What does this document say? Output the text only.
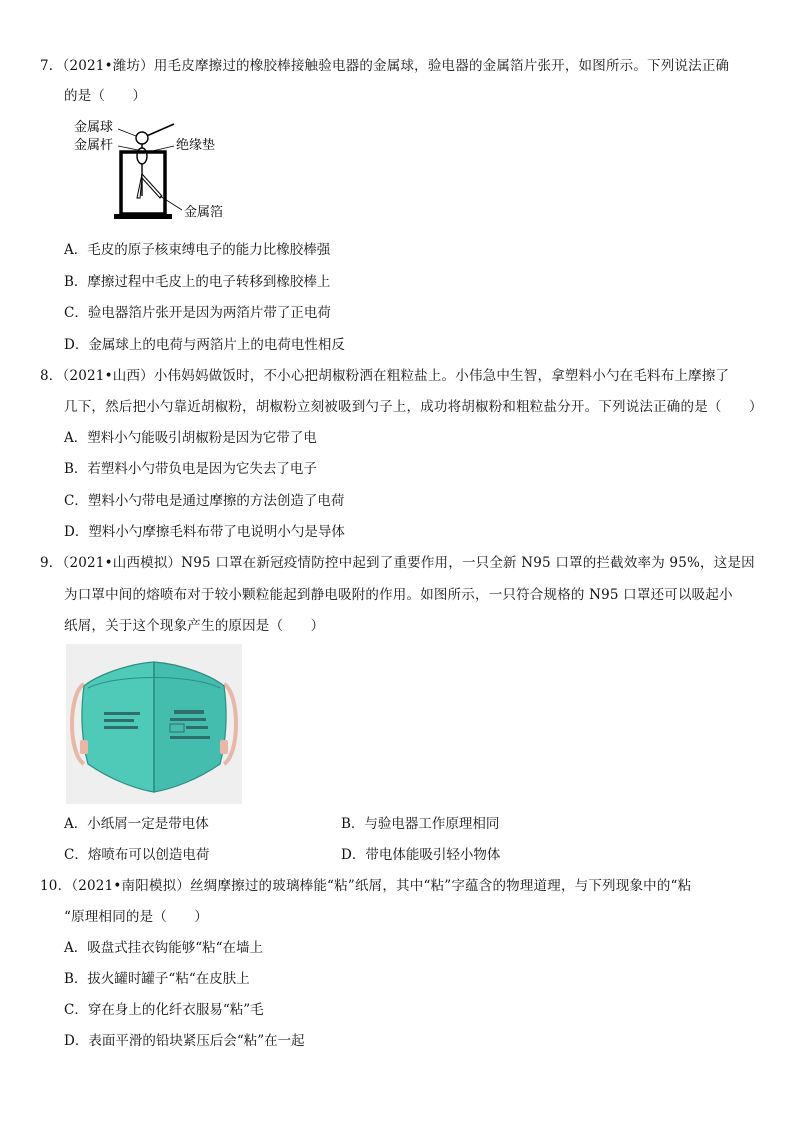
7．（2021•潍坊）用毛皮摩擦过的橡胶棒接触验电器的金属球，验电器的金属箔片张开，如图所示。下列说法正确
的是（　　）
金属球
金属杆	绝缘垫
金属箔
A．毛皮的原子核束缚电子的能力比橡胶棒强
B．摩擦过程中毛皮上的电子转移到橡胶棒上
C．验电器箔片张开是因为两箔片带了正电荷
D．金属球上的电荷与两箔片上的电荷电性相反
8．（2021•山西）小伟妈妈做饭时，不小心把胡椒粉洒在粗粒盐上。小伟急中生智，拿塑料小勺在毛料布上摩擦了
几下，然后把小勺靠近胡椒粉，胡椒粉立刻被吸到勺子上，成功将胡椒粉和粗粒盐分开。下列说法正确的是（　　）
A．塑料小勺能吸引胡椒粉是因为它带了电
B．若塑料小勺带负电是因为它失去了电子
C．塑料小勺带电是通过摩擦的方法创造了电荷
D．塑料小勺摩擦毛料布带了电说明小勺是导体
9．（2021•山西模拟）N95 口罩在新冠疫情防控中起到了重要作用，一只全新 N95 口罩的拦截效率为 95%，这是因
为口罩中间的熔喷布对于较小颗粒能起到静电吸附的作用。如图所示，一只符合规格的 N95 口罩还可以吸起小
纸屑，关于这个现象产生的原因是（　　）
A．小纸屑一定是带电体	B．与验电器工作原理相同
C．熔喷布可以创造电荷	D．带电体能吸引轻小物体
10．（2021•南阳模拟）丝绸摩擦过的玻璃棒能“粘”纸屑，其中“粘”字蕴含的物理道理，与下列现象中的“粘
“原理相同的是（　　）
A．吸盘式挂衣钩能够“粘“在墙上
B．拔火罐时罐子“粘“在皮肤上
C．穿在身上的化纤衣服易“粘”毛
D．表面平滑的铅块紧压后会“粘”在一起
